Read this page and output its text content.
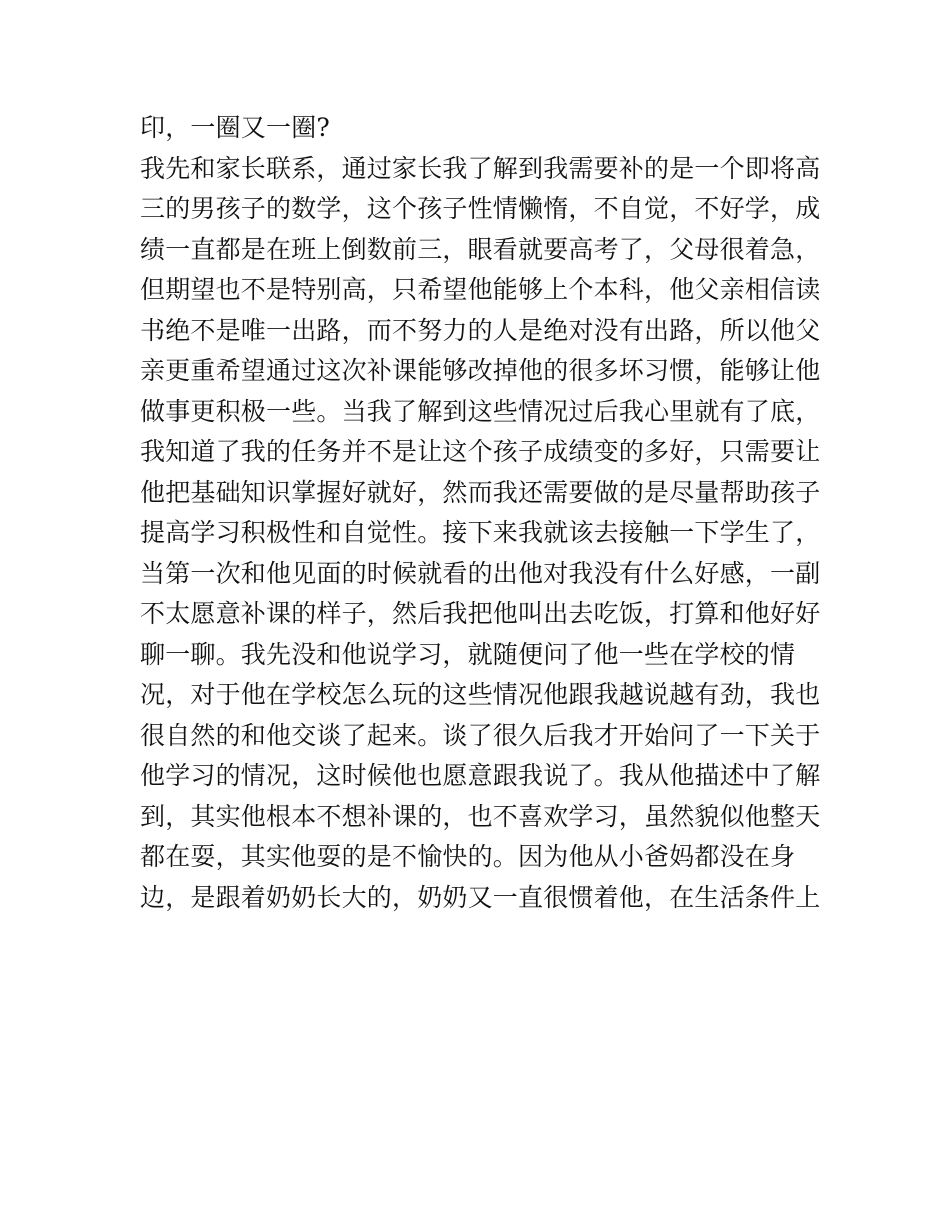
印，一圈又一圈?
我先和家长联系，通过家长我了解到我需要补的是一个即将高
三的男孩子的数学，这个孩子性情懒惰，不自觉，不好学，成
绩一直都是在班上倒数前三，眼看就要高考了，父母很着急，
但期望也不是特别高，只希望他能够上个本科，他父亲相信读
书绝不是唯一出路，而不努力的人是绝对没有出路，所以他父
亲更重希望通过这次补课能够改掉他的很多坏习惯，能够让他
做事更积极一些。当我了解到这些情况过后我心里就有了底，
我知道了我的任务并不是让这个孩子成绩变的多好，只需要让
他把基础知识掌握好就好，然而我还需要做的是尽量帮助孩子
提高学习积极性和自觉性。接下来我就该去接触一下学生了，
当第一次和他见面的时候就看的出他对我没有什么好感，一副
不太愿意补课的样子，然后我把他叫出去吃饭，打算和他好好
聊一聊。我先没和他说学习，就随便问了他一些在学校的情
况，对于他在学校怎么玩的这些情况他跟我越说越有劲，我也
很自然的和他交谈了起来。谈了很久后我才开始问了一下关于
他学习的情况，这时候他也愿意跟我说了。我从他描述中了解
到，其实他根本不想补课的，也不喜欢学习，虽然貌似他整天
都在耍，其实他耍的是不愉快的。因为他从小爸妈都没在身
边，是跟着奶奶长大的，奶奶又一直很惯着他，在生活条件上
